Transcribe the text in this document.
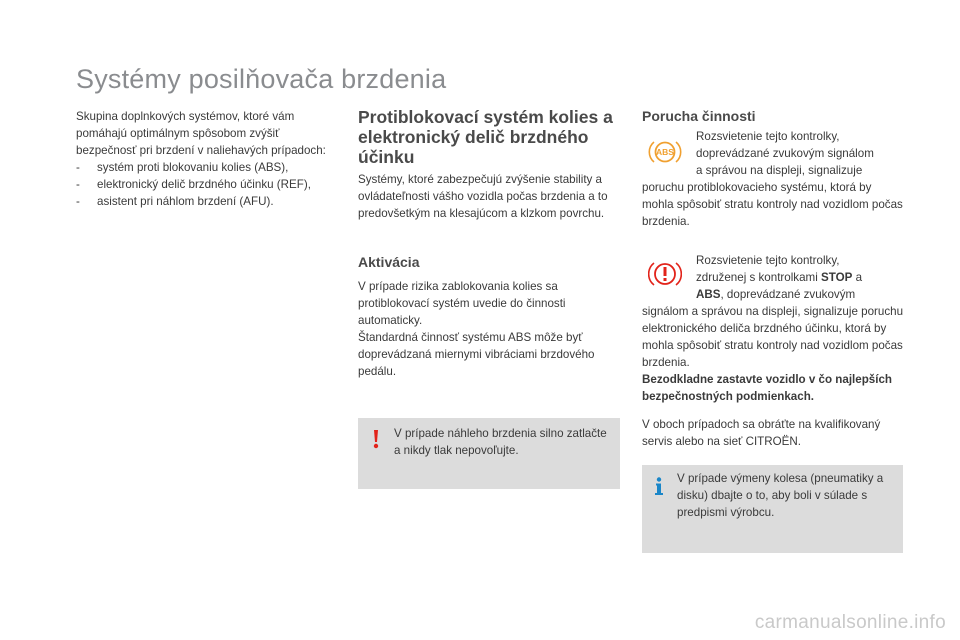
Systémy posilňovača brzdenia

Skupina doplnkových systémov, ktoré vám pomáhajú optimálnym spôsobom zvýšiť bezpečnosť pri brzdení v naliehavých prípadoch:

- systém proti blokovaniu kolies (ABS),
- elektronický delič brzdného účinku (REF),
- asistent pri náhlom brzdení (AFU).
Protiblokovací systém kolies a elektronický delič brzdného účinku

Systémy, ktoré zabezpečujú zvýšenie stability a ovládateľnosti vášho vozidla počas brzdenia a to predovšetkým na klesajúcom a klzkom povrchu.

Aktivácia

V prípade rizika zablokovania kolies sa protiblokovací systém uvedie do činnosti automaticky.

Štandardná činnosť systému ABS môže byť doprevádzaná miernymi vibráciami brzdového pedálu.

V prípade náhleho brzdenia silno zatlačte a nikdy tlak nepovoľujte.
Porucha činnosti
ABS
Rozsvietenie tejto kontrolky,
doprevádzané zvukovým signálom
a správou na displeji, signalizuje
poruchu protiblokovacieho systému, ktorá by mohla spôsobiť stratu kontroly nad vozidlom počas brzdenia.
Rozsvietenie tejto kontrolky,
združenej s kontrolkami STOP a
ABS, doprevádzané zvukovým
signálom a správou na displeji, signalizuje poruchu elektronického deliča brzdného účinku, ktorá by mohla spôsobiť stratu kontroly nad vozidlom počas brzdenia.
Bezodkladne zastavte vozidlo v čo najlepších bezpečnostných podmienkach.

V oboch prípadoch sa obráťte na kvalifikovaný servis alebo na sieť CITROËN.

V prípade výmeny kolesa (pneumatiky a disku) dbajte o to, aby boli v súlade s predpismi výrobcu.
carmanualsonline.info
